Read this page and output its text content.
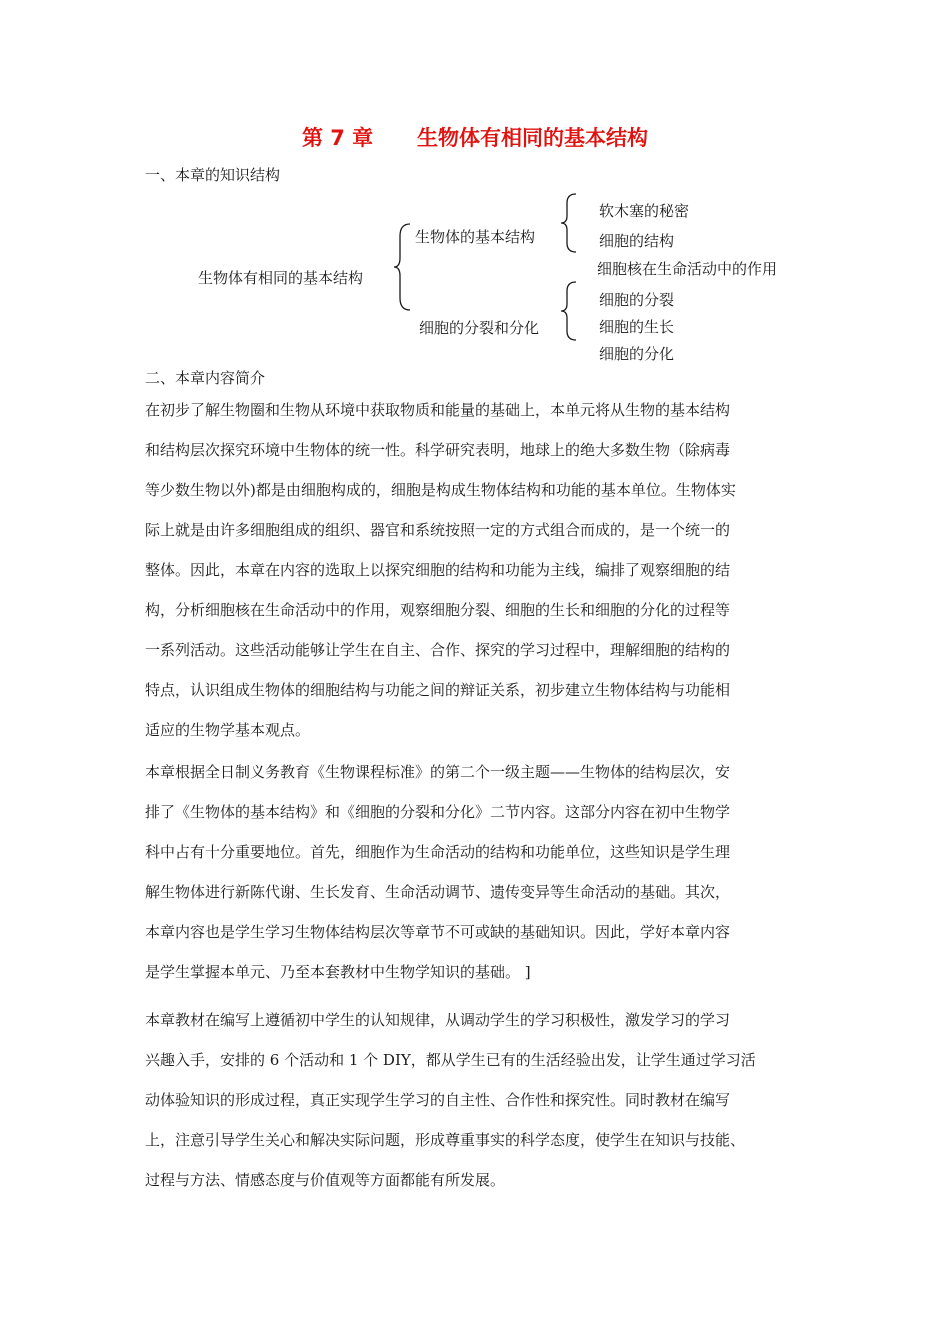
第 7 章      生物体有相同的基本结构
一、本章的知识结构
生物体有相同的基本结构
生物体的基本结构
细胞的分裂和分化
软木塞的秘密
细胞的结构
细胞核在生命活动中的作用
细胞的分裂
细胞的生长
细胞的分化
二、本章内容简介

在初步了解生物圈和生物从环境中获取物质和能量的基础上，本单元将从生物的基本结构

和结构层次探究环境中生物体的统一性。科学研究表明，地球上的绝大多数生物（除病毒

等少数生物以外)都是由细胞构成的，细胞是构成生物体结构和功能的基本单位。生物体实

际上就是由许多细胞组成的组织、器官和系统按照一定的方式组合而成的，是一个统一的

整体。因此，本章在内容的选取上以探究细胞的结构和功能为主线，编排了观察细胞的结

构，分析细胞核在生命活动中的作用，观察细胞分裂、细胞的生长和细胞的分化的过程等

一系列活动。这些活动能够让学生在自主、合作、探究的学习过程中，理解细胞的结构的

特点，认识组成生物体的细胞结构与功能之间的辩证关系，初步建立生物体结构与功能相

适应的生物学基本观点。

本章根据全日制义务教育《生物课程标准》的第二个一级主题——生物体的结构层次，安

排了《生物体的基本结构》和《细胞的分裂和分化》二节内容。这部分内容在初中生物学

科中占有十分重要地位。首先，细胞作为生命活动的结构和功能单位，这些知识是学生理

解生物体进行新陈代谢、生长发育、生命活动调节、遗传变异等生命活动的基础。其次，

本章内容也是学生学习生物体结构层次等章节不可或缺的基础知识。因此，学好本章内容

是学生掌握本单元、乃至本套教材中生物学知识的基础。 ]

本章教材在编写上遵循初中学生的认知规律，从调动学生的学习积极性，激发学习的学习

兴趣入手，安排的 6 个活动和 1 个 DIY，都从学生已有的生活经验出发，让学生通过学习活

动体验知识的形成过程，真正实现学生学习的自主性、合作性和探究性。同时教材在编写

上，注意引导学生关心和解决实际问题，形成尊重事实的科学态度，使学生在知识与技能、

过程与方法、情感态度与价值观等方面都能有所发展。
